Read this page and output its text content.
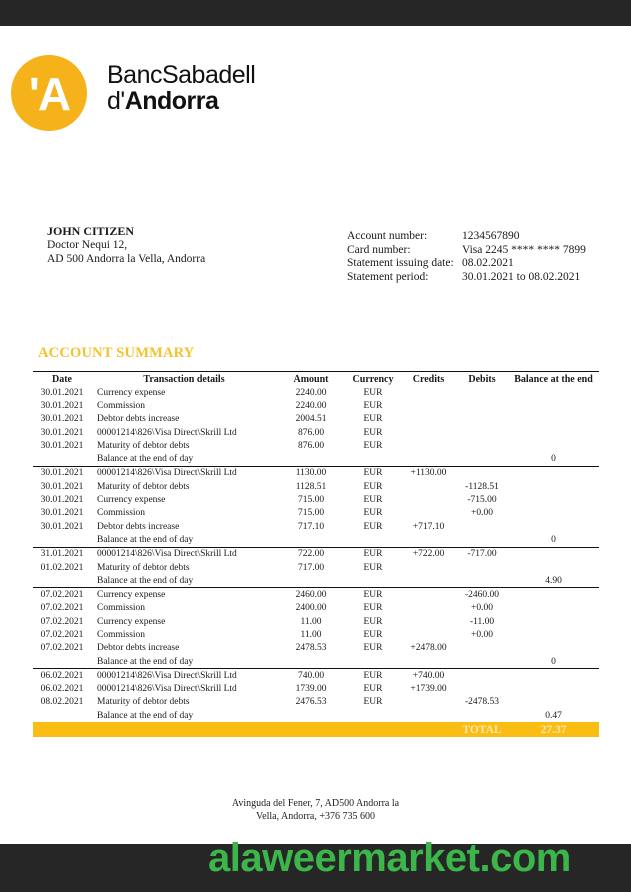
'A BancSabadell
d'Andorra
JOHN CITIZEN
Doctor Nequi 12,
AD 500 Andorra la Vella, Andorra
Account number:	1234567890
Card number:	Visa 2245 **** **** 7899
Statement issuing date: 08.02.2021
Statement period:	30.01.2021 to 08.02.2021
ACCOUNT SUMMARY
Date	Transaction details	Amount	Currency	Credits	Debits	Balance at the end
30.01.2021	Currency expense	2240.00	EUR			
30.01.2021	Commission	2240.00	EUR			
30.01.2021	Debtor debts increase	2004.51	EUR			
30.01.2021	00001214\826\Visa Direct\Skrill Ltd	876.00	EUR			
30.01.2021	Maturity of debtor debts	876.00	EUR			
	Balance at the end of day					0
30.01.2021	00001214\826\Visa Direct\Skrill Ltd	1130.00	EUR	+1130.00		
30.01.2021	Maturity of debtor debts	1128.51	EUR		-1128.51	
30.01.2021	Currency expense	715.00	EUR		-715.00	
30.01.2021	Commission	715.00	EUR		+0.00	
30.01.2021	Debtor debts increase	717.10	EUR	+717.10		
	Balance at the end of day					0
31.01.2021	00001214\826\Visa Direct\Skrill Ltd	722.00	EUR	+722.00	-717.00	
01.02.2021	Maturity of debtor debts	717.00	EUR			
	Balance at the end of day					4.90
07.02.2021	Currency expense	2460.00	EUR		-2460.00	
07.02.2021	Commission	2400.00	EUR		+0.00	
07.02.2021	Currency expense	11.00	EUR		-11.00	
07.02.2021	Commission	11.00	EUR		+0.00	
07.02.2021	Debtor debts increase	2478.53	EUR	+2478.00		
	Balance at the end of day					0
06.02.2021	00001214\826\Visa Direct\Skrill Ltd	740.00	EUR	+740.00		
06.02.2021	00001214\826\Visa Direct\Skrill Ltd	1739.00	EUR	+1739.00		
08.02.2021	Maturity of debtor debts	2476.53	EUR		-2478.53	
	Balance at the end of day					0.47
					TOTAL	27.37
Avinguda del Fener, 7, AD500 Andorra la
Vella, Andorra, +376 735 600
alaweermarket.com
